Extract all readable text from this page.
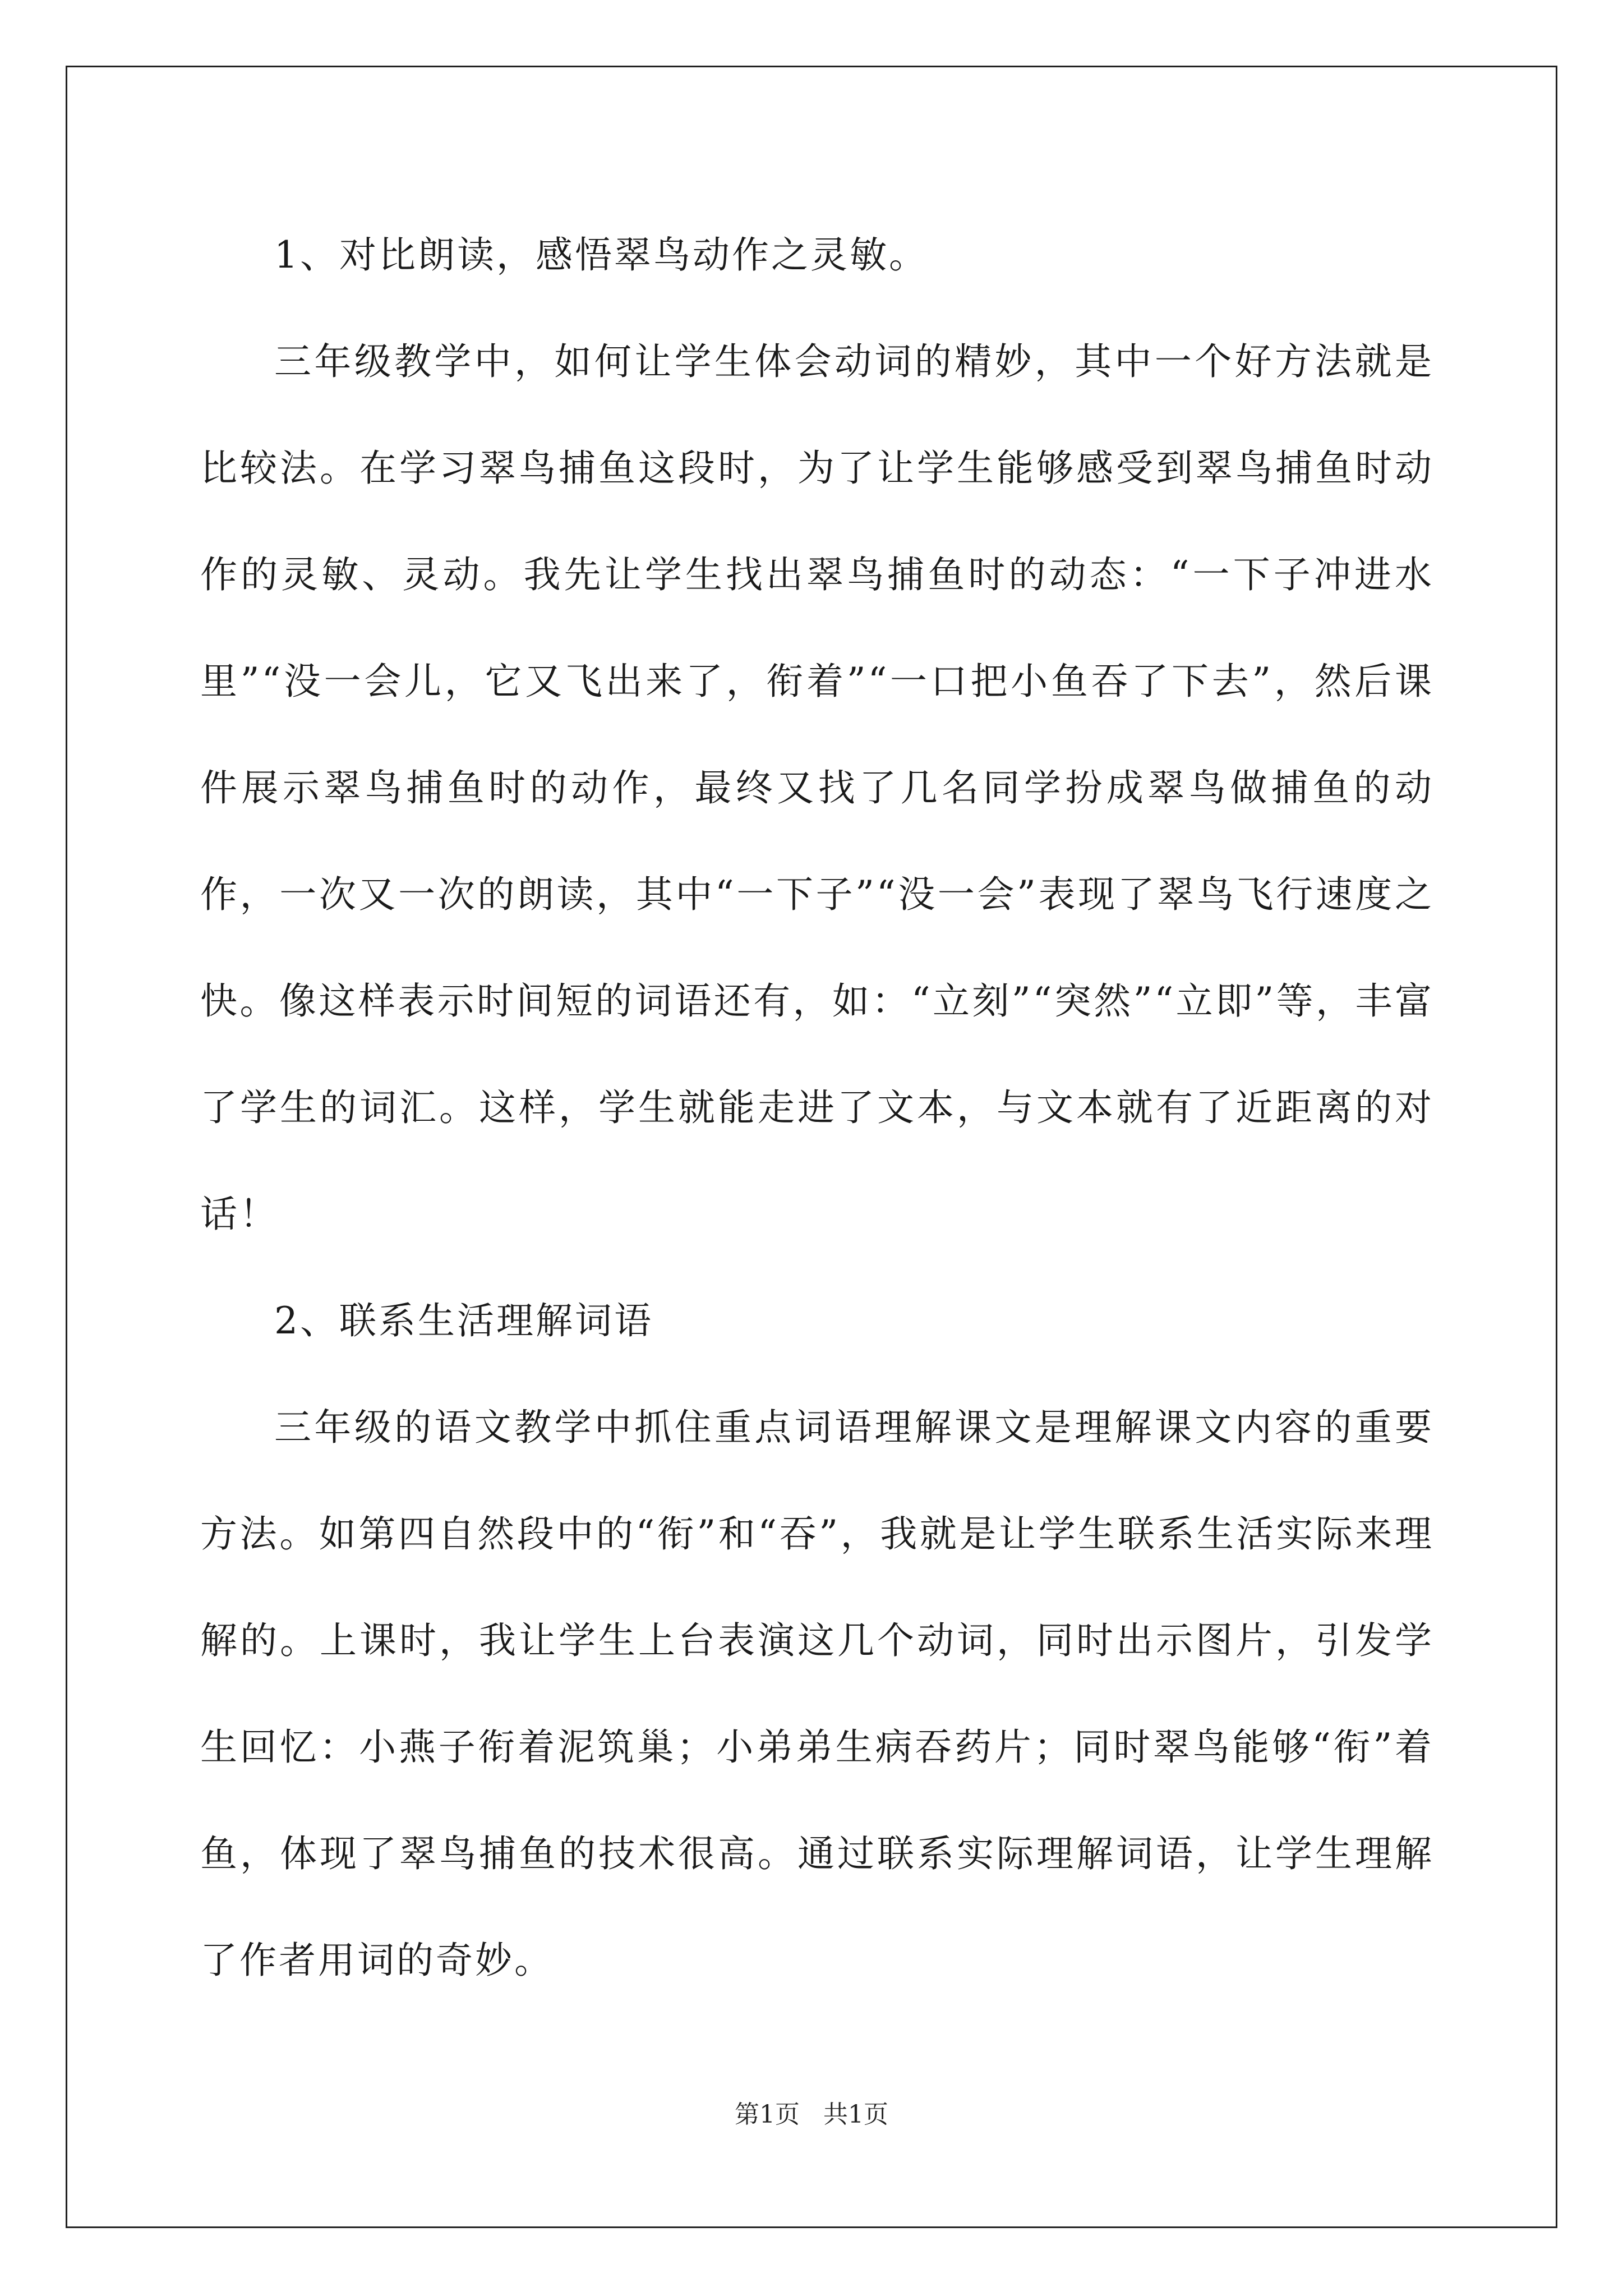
1、对比朗读，感悟翠鸟动作之灵敏。

三年级教学中，如何让学生体会动词的精妙，其中一个好方法就是比较法。在学习翠鸟捕鱼这段时，为了让学生能够感受到翠鸟捕鱼时动作的灵敏、灵动。我先让学生找出翠鸟捕鱼时的动态：“一下子冲进水里”“没一会儿，它又飞出来了，衔着”“一口把小鱼吞了下去”，然后课件展示翠鸟捕鱼时的动作，最终又找了几名同学扮成翠鸟做捕鱼的动作，一次又一次的朗读，其中“一下子”“没一会”表现了翠鸟飞行速度之快。像这样表示时间短的词语还有，如：“立刻”“突然”“立即”等，丰富了学生的词汇。这样，学生就能走进了文本，与文本就有了近距离的对话！

2、联系生活理解词语

三年级的语文教学中抓住重点词语理解课文是理解课文内容的重要方法。如第四自然段中的“衔”和“吞”，我就是让学生联系生活实际来理解的。上课时，我让学生上台表演这几个动词，同时出示图片，引发学生回忆：小燕子衔着泥筑巢；小弟弟生病吞药片；同时翠鸟能够“衔”着鱼，体现了翠鸟捕鱼的技术很高。通过联系实际理解词语，让学生理解了作者用词的奇妙。

第1页 共1页
